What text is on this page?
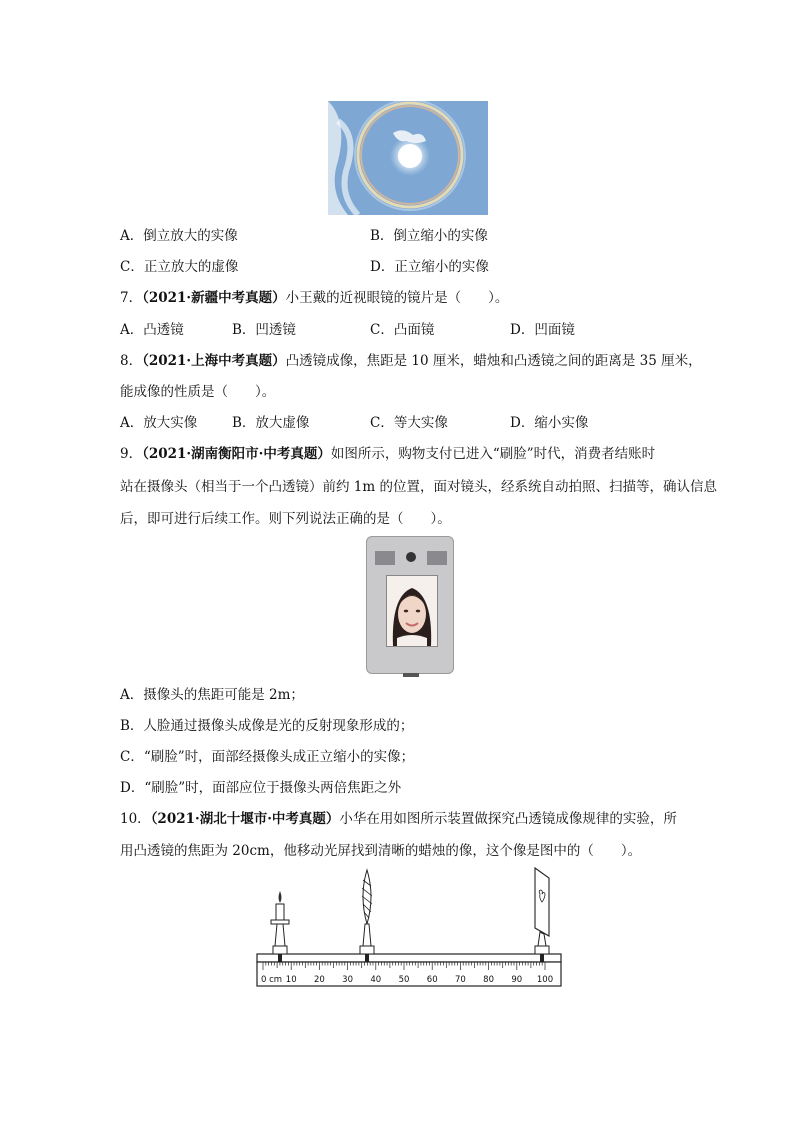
A．倒立放大的实像	B．倒立缩小的实像
C．正立放大的虚像	D．正立缩小的实像
7．（2021·新疆中考真题）小王戴的近视眼镜的镜片是（　　）。
A．凸透镜	B．凹透镜	C．凸面镜	D．凹面镜
8．（2021·上海中考真题）凸透镜成像，焦距是 10 厘米，蜡烛和凸透镜之间的距离是 35 厘米，
能成像的性质是（　　）。
A．放大实像	B．放大虚像	C．等大实像	D．缩小实像
9．（2021·湖南衡阳市·中考真题）如图所示，购物支付已进入“刷脸”时代，消费者结账时
站在摄像头（相当于一个凸透镜）前约 1m 的位置，面对镜头，经系统自动拍照、扫描等，确认信息
后，即可进行后续工作。则下列说法正确的是（　　）。
A．摄像头的焦距可能是 2m；
B．人脸通过摄像头成像是光的反射现象形成的；
C．“刷脸”时，面部经摄像头成正立缩小的实像；
D．“刷脸”时，面部应位于摄像头两倍焦距之外
10．（2021·湖北十堰市·中考真题）小华在用如图所示装置做探究凸透镜成像规律的实验，所
用凸透镜的焦距为 20cm，他移动光屏找到清晰的蜡烛的像，这个像是图中的（　　）。
0 cm 10 20 30 40 50 60 70 80 90 100
